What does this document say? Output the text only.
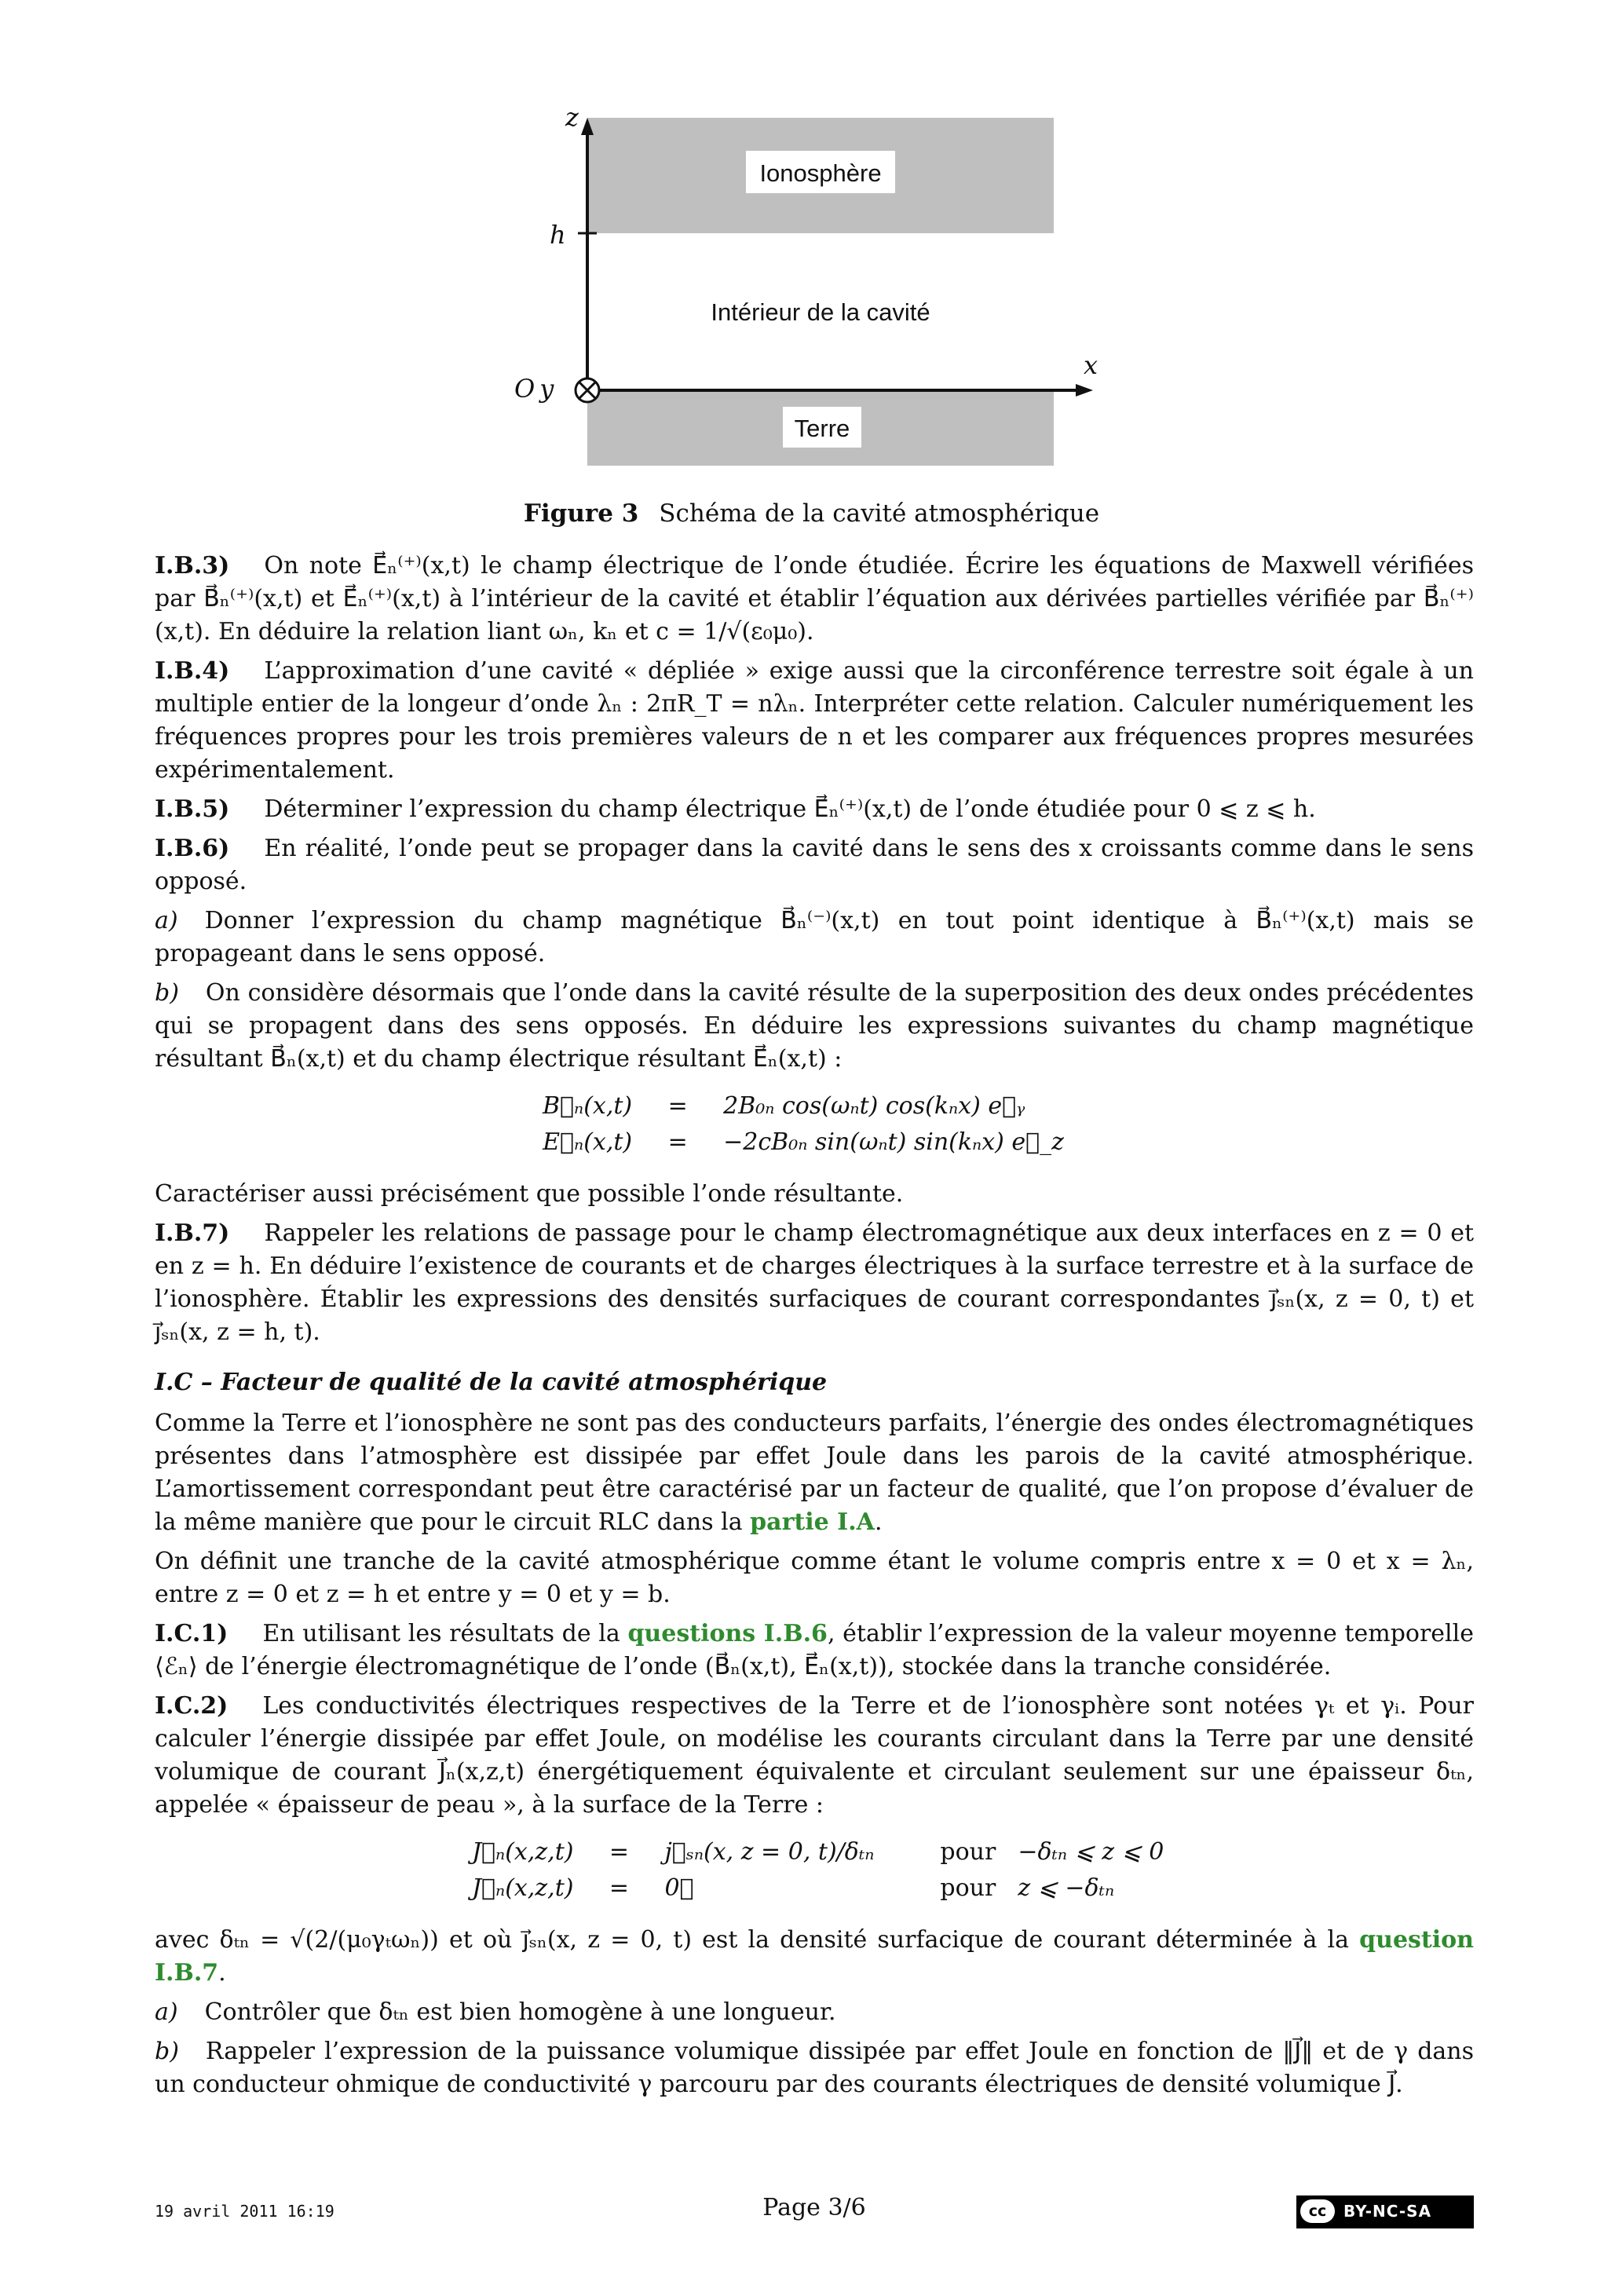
Ionosphère
Terre
Intérieur de la cavité
z
h
x
Oy
Figure 3 Schéma de la cavité atmosphérique

I.B.3) On note E⃗ₙ⁽⁺⁾(x,t) le champ électrique de l’onde étudiée. Écrire les équations de Maxwell vérifiées par B⃗ₙ⁽⁺⁾(x,t) et E⃗ₙ⁽⁺⁾(x,t) à l’intérieur de la cavité et établir l’équation aux dérivées partielles vérifiée par B⃗ₙ⁽⁺⁾(x,t). En déduire la relation liant ωₙ, kₙ et c = 1/√(ε₀μ₀).

I.B.4) L’approximation d’une cavité « dépliée » exige aussi que la circonférence terrestre soit égale à un multiple entier de la longeur d’onde λₙ : 2πR_T = nλₙ. Interpréter cette relation. Calculer numériquement les fréquences propres pour les trois premières valeurs de n et les comparer aux fréquences propres mesurées expérimentalement.

I.B.5) Déterminer l’expression du champ électrique E⃗ₙ⁽⁺⁾(x,t) de l’onde étudiée pour 0 ⩽ z ⩽ h.

I.B.6) En réalité, l’onde peut se propager dans la cavité dans le sens des x croissants comme dans le sens opposé.

a) Donner l’expression du champ magnétique B⃗ₙ⁽⁻⁾(x,t) en tout point identique à B⃗ₙ⁽⁺⁾(x,t) mais se propageant dans le sens opposé.

b) On considère désormais que l’onde dans la cavité résulte de la superposition des deux ondes précédentes qui se propagent dans des sens opposés. En déduire les expressions suivantes du champ magnétique résultant B⃗ₙ(x,t) et du champ électrique résultant E⃗ₙ(x,t) :

B⃗ₙ(x,t)	=	2B₀ₙ cos(ωₙt) cos(kₙx) e⃗ᵧ
E⃗ₙ(x,t)	=	−2cB₀ₙ sin(ωₙt) sin(kₙx) e⃗_z

Caractériser aussi précisément que possible l’onde résultante.

I.B.7) Rappeler les relations de passage pour le champ électromagnétique aux deux interfaces en z = 0 et en z = h. En déduire l’existence de courants et de charges électriques à la surface terrestre et à la surface de l’ionosphère. Établir les expressions des densités surfaciques de courant correspondantes j⃗ₛₙ(x, z = 0, t) et j⃗ₛₙ(x, z = h, t).

I.C – Facteur de qualité de la cavité atmosphérique

Comme la Terre et l’ionosphère ne sont pas des conducteurs parfaits, l’énergie des ondes électromagnétiques présentes dans l’atmosphère est dissipée par effet Joule dans les parois de la cavité atmosphérique. L’amortissement correspondant peut être caractérisé par un facteur de qualité, que l’on propose d’évaluer de la même manière que pour le circuit RLC dans la partie I.A.

On définit une tranche de la cavité atmosphérique comme étant le volume compris entre x = 0 et x = λₙ, entre z = 0 et z = h et entre y = 0 et y = b.

I.C.1) En utilisant les résultats de la questions I.B.6, établir l’expression de la valeur moyenne temporelle ⟨ℰₙ⟩ de l’énergie électromagnétique de l’onde (B⃗ₙ(x,t), E⃗ₙ(x,t)), stockée dans la tranche considérée.

I.C.2) Les conductivités électriques respectives de la Terre et de l’ionosphère sont notées γₜ et γᵢ. Pour calculer l’énergie dissipée par effet Joule, on modélise les courants circulant dans la Terre par une densité volumique de courant J⃗ₙ(x,z,t) énergétiquement équivalente et circulant seulement sur une épaisseur δₜₙ, appelée « épaisseur de peau », à la surface de la Terre :

J⃗ₙ(x,z,t)	=	j⃗ₛₙ(x, z = 0, t)/δₜₙ	pour	−δₜₙ ⩽ z ⩽ 0
J⃗ₙ(x,z,t)	=	0⃗	pour	z ⩽ −δₜₙ

avec δₜₙ = √(2/(μ₀γₜωₙ)) et où j⃗ₛₙ(x, z = 0, t) est la densité surfacique de courant déterminée à la question I.B.7.

a) Contrôler que δₜₙ est bien homogène à une longueur.

b) Rappeler l’expression de la puissance volumique dissipée par effet Joule en fonction de ‖J⃗‖ et de γ dans un conducteur ohmique de conductivité γ parcouru par des courants électriques de densité volumique J⃗.

19 avril 2011 16:19	Page 3/6	cc	BY-NC-SA
